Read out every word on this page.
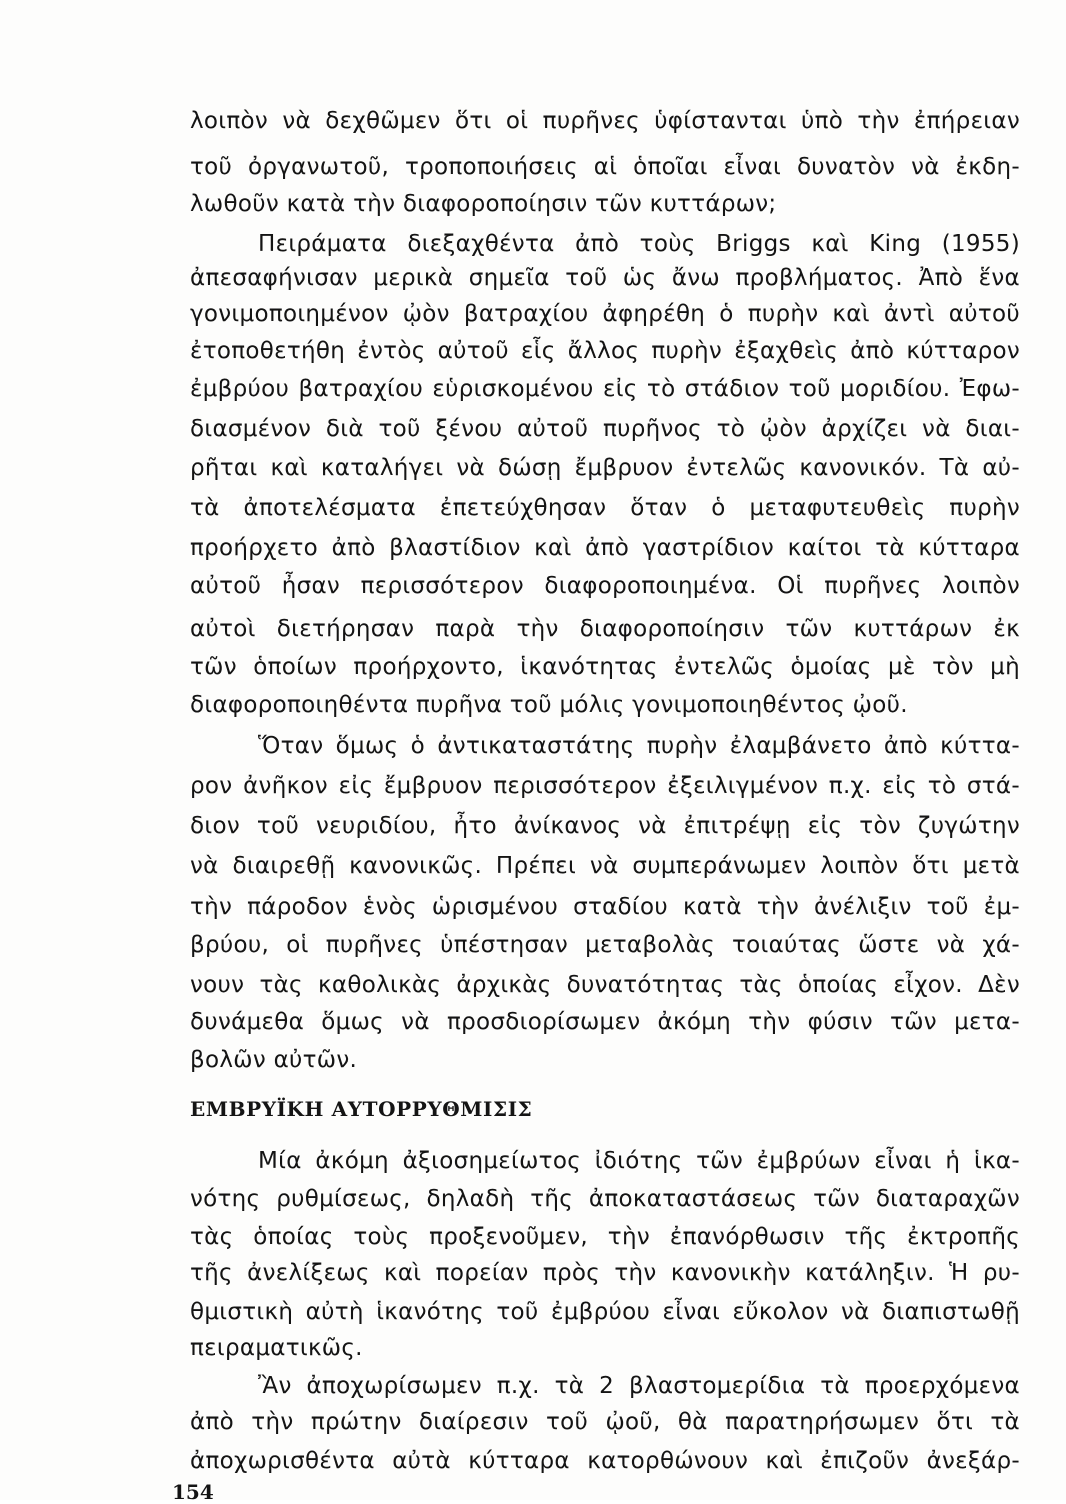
λοιπὸν νὰ δεχθῶμεν ὅτι οἱ πυρῆνες ὑφίστανται ὑπὸ τὴν ἐπήρειαν
τοῦ ὀργανωτοῦ, τροποποιήσεις αἱ ὁποῖαι εἶναι δυνατὸν νὰ ἐκδη-
λωθοῦν κατὰ τὴν διαφοροποίησιν τῶν κυττάρων;
Πειράματα διεξαχθέντα ἀπὸ τοὺς Briggs καὶ King (1955)
ἀπεσαφήνισαν μερικὰ σημεῖα τοῦ ὡς ἄνω προβλήματος. Ἀπὸ ἕνα
γονιμοποιημένον ᾠὸν βατραχίου ἀφηρέθη ὁ πυρὴν καὶ ἀντὶ αὐτοῦ
ἐτοποθετήθη ἐντὸς αὐτοῦ εἷς ἄλλος πυρὴν ἐξαχθεὶς ἀπὸ κύτταρον
ἐμβρύου βατραχίου εὑρισκομένου εἰς τὸ στάδιον τοῦ μοριδίου. Ἐφω-
διασμένον διὰ τοῦ ξένου αὐτοῦ πυρῆνος τὸ ᾠὸν ἀρχίζει νὰ διαι-
ρῆται καὶ καταλήγει νὰ δώσῃ ἔμβρυον ἐντελῶς κανονικόν. Τὰ αὐ-
τὰ ἀποτελέσματα ἐπετεύχθησαν ὅταν ὁ μεταφυτευθεὶς πυρὴν
προήρχετο ἀπὸ βλαστίδιον καὶ ἀπὸ γαστρίδιον καίτοι τὰ κύτταρα
αὐτοῦ ἦσαν περισσότερον διαφοροποιημένα. Οἱ πυρῆνες λοιπὸν
αὐτοὶ διετήρησαν παρὰ τὴν διαφοροποίησιν τῶν κυττάρων ἐκ
τῶν ὁποίων προήρχοντο, ἱκανότητας ἐντελῶς ὁμοίας μὲ τὸν μὴ
διαφοροποιηθέντα πυρῆνα τοῦ μόλις γονιμοποιηθέντος ᾠοῦ.
Ὅταν ὅμως ὁ ἀντικαταστάτης πυρὴν ἐλαμβάνετο ἀπὸ κύττα-
ρον ἀνῆκον εἰς ἔμβρυον περισσότερον ἐξειλιγμένον π.χ. εἰς τὸ στά-
διον τοῦ νευριδίου, ἦτο ἀνίκανος νὰ ἐπιτρέψῃ εἰς τὸν ζυγώτην
νὰ διαιρεθῇ κανονικῶς. Πρέπει νὰ συμπεράνωμεν λοιπὸν ὅτι μετὰ
τὴν πάροδον ἑνὸς ὡρισμένου σταδίου κατὰ τὴν ἀνέλιξιν τοῦ ἐμ-
βρύου, οἱ πυρῆνες ὑπέστησαν μεταβολὰς τοιαύτας ὥστε νὰ χά-
νουν τὰς καθολικὰς ἀρχικὰς δυνατότητας τὰς ὁποίας εἶχον. Δὲν
δυνάμεθα ὅμως νὰ προσδιορίσωμεν ἀκόμη τὴν φύσιν τῶν μετα-
βολῶν αὐτῶν.
ΕΜΒΡΥΪΚΗ ΑΥΤΟΡΡΥΘΜΙΣΙΣ
Μία ἀκόμη ἀξιοσημείωτος ἰδιότης τῶν ἐμβρύων εἶναι ἡ ἱκα-
νότης ρυθμίσεως, δηλαδὴ τῆς ἀποκαταστάσεως τῶν διαταραχῶν
τὰς ὁποίας τοὺς προξενοῦμεν, τὴν ἐπανόρθωσιν τῆς ἐκτροπῆς
τῆς ἀνελίξεως καὶ πορείαν πρὸς τὴν κανονικὴν κατάληξιν. Ἡ ρυ-
θμιστικὴ αὐτὴ ἱκανότης τοῦ ἐμβρύου εἶναι εὔκολον νὰ διαπιστωθῇ
πειραματικῶς.
Ἂν ἀποχωρίσωμεν π.χ. τὰ 2 βλαστομερίδια τὰ προερχόμενα
ἀπὸ τὴν πρώτην διαίρεσιν τοῦ ᾠοῦ, θὰ παρατηρήσωμεν ὅτι τὰ
ἀποχωρισθέντα αὐτὰ κύτταρα κατορθώνουν καὶ ἐπιζοῦν ἀνεξάρ-
154
